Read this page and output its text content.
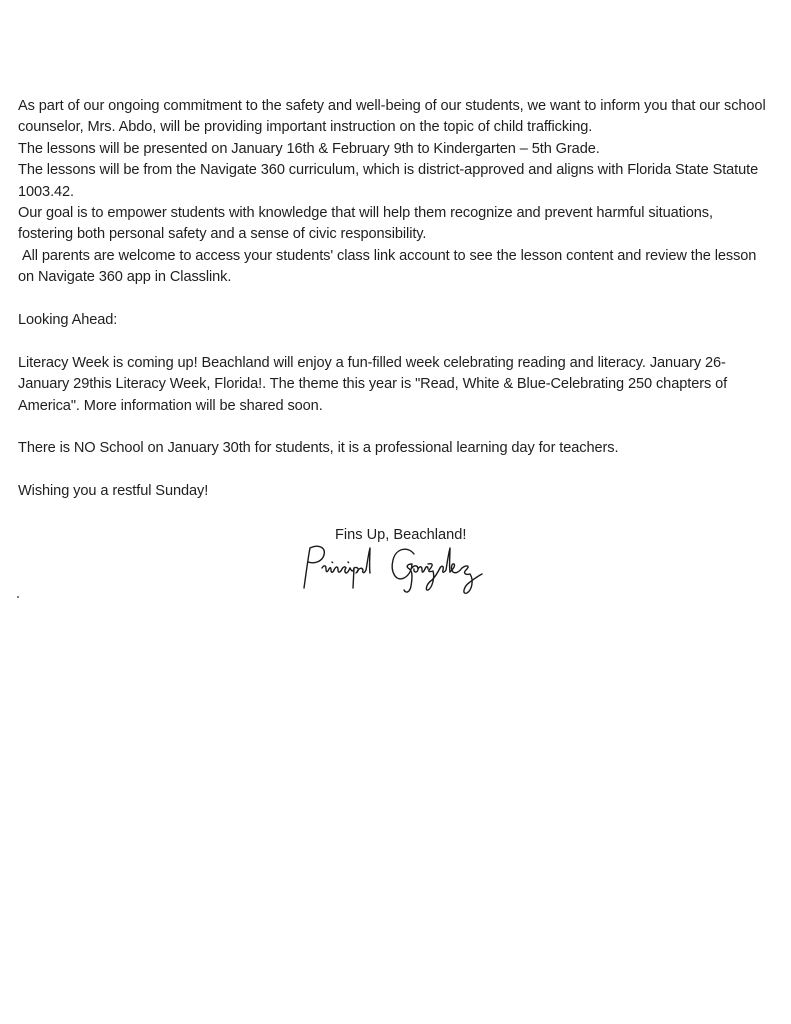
As part of our ongoing commitment to the safety and well-being of our students, we want to inform you that our school counselor, Mrs. Abdo, will be providing important instruction on the topic of child trafficking.

The lessons will be presented on January 16th & February 9th to Kindergarten – 5th Grade.

The lessons will be from the Navigate 360 curriculum, which is district-approved and aligns with Florida State Statute 1003.42.

Our goal is to empower students with knowledge that will help them recognize and prevent harmful situations, fostering both personal safety and a sense of civic responsibility.

All parents are welcome to access your students' class link account to see the lesson content and review the lesson on Navigate 360 app in Classlink.

Looking Ahead:

Literacy Week is coming up! Beachland will enjoy a fun-filled week celebrating reading and literacy. January 26-January 29this Literacy Week, Florida!. The theme this year is "Read, White & Blue-Celebrating 250 chapters of America". More information will be shared soon.

There is NO School on January 30th for students, it is a professional learning day for teachers.

Wishing you a restful Sunday!

Fins Up, Beachland!
